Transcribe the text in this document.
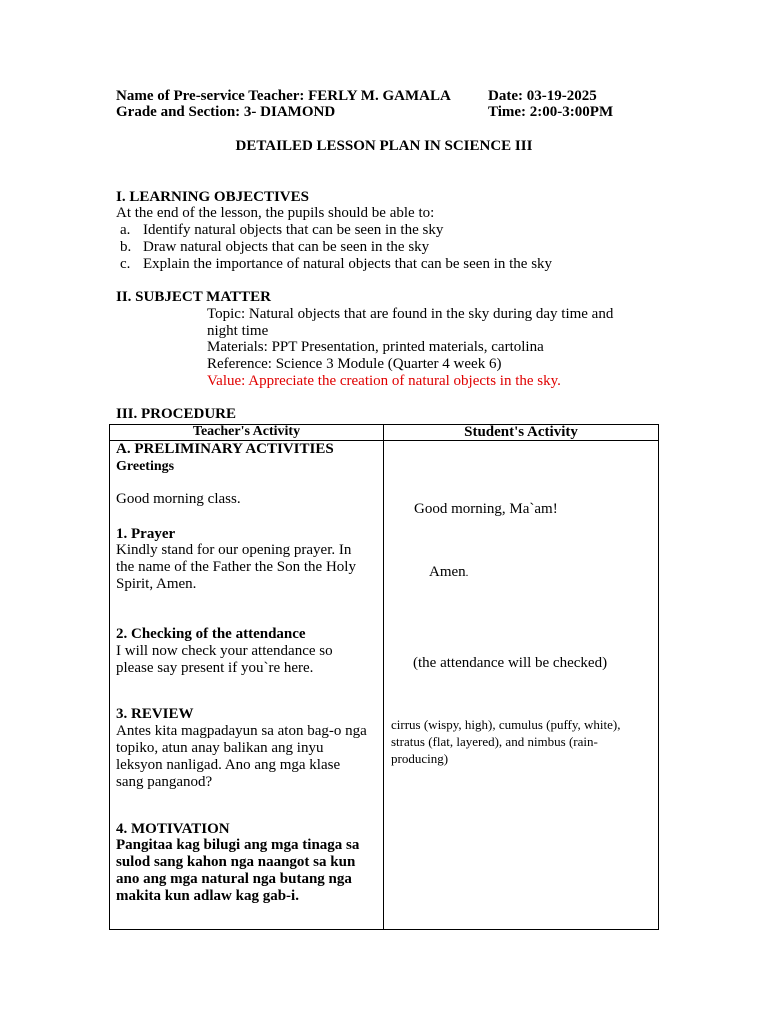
Name of Pre-service Teacher: FERLY M. GAMALA Date: 03-19-2025
Grade and Section: 3- DIAMOND	Time: 2:00-3:00PM
DETAILED LESSON PLAN IN SCIENCE III
I. LEARNING OBJECTIVES
At the end of the lesson, the pupils should be able to:
a. Identify natural objects that can be seen in the sky
b. Draw natural objects that can be seen in the sky
c. Explain the importance of natural objects that can be seen in the sky
II. SUBJECT MATTER
Topic: Natural objects that are found in the sky during day time and
night time
Materials: PPT Presentation, printed materials, cartolina
Reference: Science 3 Module (Quarter 4 week 6)
Value: Appreciate the creation of natural objects in the sky.
III. PROCEDURE
Teacher's Activity	Student's Activity
A. PRELIMINARY ACTIVITIES
Greetings
Good morning class.
1. Prayer
Kindly stand for our opening prayer. In
the name of the Father the Son the Holy
Spirit, Amen.
2. Checking of the attendance
I will now check your attendance so
please say present if you`re here.
3. REVIEW
Antes kita magpadayun sa aton bag-o nga
topiko, atun anay balikan ang inyu
leksyon nanligad. Ano ang mga klase
sang panganod?
4. MOTIVATION
Pangitaa kag bilugi ang mga tinaga sa
sulod sang kahon nga naangot sa kun
ano ang mga natural nga butang nga
makita kun adlaw kag gab-i.
Good morning, Ma`am!
Amen.
(the attendance will be checked)
cirrus (wispy, high), cumulus (puffy, white),
stratus (flat, layered), and nimbus (rain-
producing)
